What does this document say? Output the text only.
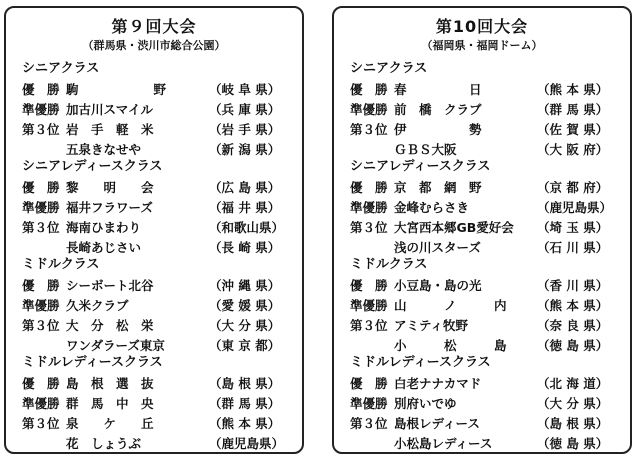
第９回大会
（群馬県・渋川市総合公園）
シニアクラス
優　勝 駒　　　　　　野	（岐 阜 県）
準優勝 加古川スマイル	（兵 庫 県）
第３位 岩　手　軽　米	（岩 手 県）
五泉きなせや	（新 潟 県）
シニアレディースクラス
優　勝 黎　　明　　会	（広 島 県）
準優勝 福井フラワーズ	（福 井 県）
第３位 海南ひまわり	（和歌山県）
長崎あじさい	（長 崎 県）
ミドルクラス
優　勝 シーボート北谷	（沖 縄 県）
準優勝 久米クラブ	（愛 媛 県）
第３位 大　分　松　栄	（大 分 県）
ワンダラーズ東京	（東 京 都）
ミドルレディースクラス
優　勝 島　根　選　抜	（島 根 県）
準優勝 群　馬　中　央	（群 馬 県）
第３位 泉　　ケ　　丘	（熊 本 県）
花　しょうぶ	（鹿児島県）
第10回大会
（福岡県・福岡ドーム）
シニアクラス
優　勝 春　　　　　日	（熊 本 県）
準優勝 前　橋　クラブ	（群 馬 県）
第３位 伊　　　　　勢	（佐 賀 県）
ＧＢＳ大阪	（大 阪 府）
シニアレディースクラス
優　勝 京　都　網　野	（京 都 府）
準優勝 金峰むらさき	（鹿児島県）
第３位 大宮西本郷GB愛好会	（埼 玉 県）
浅の川スターズ	（石 川 県）
ミドルクラス
優　勝 小豆島・島の光	（香 川 県）
準優勝 山　　　ノ　　　内	（熊 本 県）
第３位 アミティ牧野	（奈 良 県）
小　　　松　　　島	（徳 島 県）
ミドルレディースクラス
優　勝 白老ナナカマド	（北 海 道）
準優勝 別府いでゆ	（大 分 県）
第３位 島根レディース	（島 根 県）
小松島レディース	（徳 島 県）
